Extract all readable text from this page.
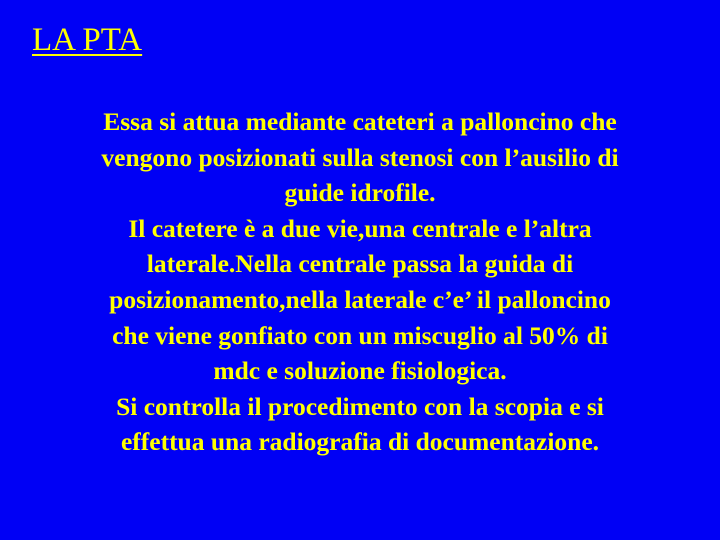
LA PTA
Essa si attua mediante cateteri a palloncino che
vengono posizionati sulla stenosi con l’ausilio di
guide idrofile.
Il catetere è a due vie,una centrale e l’altra
laterale.Nella centrale passa la guida di
posizionamento,nella laterale c’e’ il palloncino
che viene gonfiato con un miscuglio al 50% di
mdc e soluzione fisiologica.
Si controlla il procedimento con la scopia e si
effettua una radiografia di documentazione.
